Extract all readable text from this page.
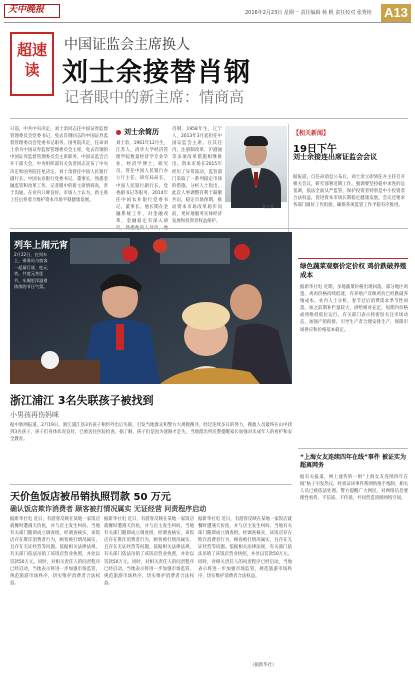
天中晚报	2016年2月23日 星期一 责任编辑 杨 帆 责任校对 张秀艳 A13
超速读
中国证监会主席换人
刘士余接替肖钢
记者眼中的新主席：情商高
日前，中共中央决定，刘士余同志任中国证券监督管理委员会党委书记，免去肖钢同志的中国证券监督管理委员会党委书记职务。国务院决定，任命刘士余为中国证券监督管理委员会主席，免去肖钢的中国证券监督管理委员会主席职务。中国证监会召开干部大会，中央组织部有关负责同志宣布了中央决定和国务院任免决定。刘士余曾任中国人民银行副行长、中国农业银行党委书记、董事长，熟悉金融监管和改革工作。记者眼中的新主席情商高，善于沟通，在业内口碑良好。市场人士认为，新主席上任后将着力维护资本市场平稳健康发展。
刘士余简历
刘士余，1961年12月生，江苏人，清华大学经济管理学院数量经济学专业毕业，经济学博士，研究员。曾任中国人民银行办公厅主任、研究局局长，中国人民银行副行长、党委副书记等职务。2014年任中国农业银行党委书记、董事长。他长期在金融系统工作，对金融改革、金融稳定有深入研
肖钢，1958年生，辽宁人，2013年3月起担任中国证监会主席。在其任内，注册制改革、沪港通等多项改革措施相继推出。资本市场在2015年经历了异常波动，监管部门采取了一系列稳定市场的措施。分析人士指出，此次人事调整有利于凝聚共识，稳定市场预期，推动资本市场改革稳步向前，更好地服务实体经济发展和投资者权益保护。
刘士余
【相关新闻】
19日下午
刘士余接连出席证监会会议
据报道，自任命消息公布后，刘士余立即到任并主持召开相关会议，研究部署近期工作，强调要坚持稳中求进的总基调，依法全面从严监管，保护投资者特别是中小投资者合法权益，促进资本市场长期稳定健康发展。会议还要求各部门做好工作衔接，确保各项监管工作平稳有序推进。
列车上闹元宵
2月22日，在列车上，乘务员与旅客一起猜灯谜、吃元宵，共度元宵佳节，车厢里洋溢着浓浓的节日气氛。
绿色蔬菜观察价定价权 鸡价跌破养殖成本
据新华社电 近期，多地蔬菜价格出现回落，部分地区鸡蛋、鸡肉价格持续低迷，有养殖户反映鸡价已经跌破养殖成本。业内人士分析，春节过后消费需求季节性回落，加之前期补栏量较大，供给相对充足，短期内价格或将维持低位运行。有关部门表示将密切关注市场动态，加强产销衔接，引导生产者合理安排生产，保障市场供应和价格基本稳定。
“上海女友连续四年在线”事件 被证实为超离网务
据有关报道，网上流传的一则“上海女友连续四年在线”帖子引发热议，经查证该事件系网络推手炮制，相关人员已被依法处理。警方提醒广大网民，对网络信息要理性看待，不信谣、不传谣，共同营造清朗网络空间。
浙江浦江 3名失联孩子被找到
小男孩再伤妈咪
据中新网报道，2月19日，浙江浦江县3名孩子相约外出后失联，引发当地群众和警方大规模搜寻。经过连续多日的努力，搜救人员最终在山中找到3名孩子，孩子们身体状况良好，已被送往医院检查。据了解，孩子们是因为迷路才走失，当地派出所民警提醒家长加强对未成年人的看护和安全教育。
天价鱼饭店被吊销执照罚款 50 万元
确认饭店欺诈消费者 顾客被打情况属实 无证经营 问责程序启动
据新华社电 近日，有游客反映在某地一家饭店就餐时遭遇天价鱼，并与店主发生纠纷。当地有关部门随即成立调查组，经调查核实，该饭店存在欺诈消费者行为，顾客被打情况属实，且存在无证经营等问题。依据相关法律法规，有关部门依法吊销了该饭店营业执照，并处以罚款50万元。同时，对相关责任人的问责程序已经启动，当地表示将进一步加强市场监管，规范旅游市场秩序，切实维护消费者合法权益。
据新华社电 近日，有游客反映在某地一家饭店就餐时遭遇天价鱼，并与店主发生纠纷。当地有关部门随即成立调查组，经调查核实，该饭店存在欺诈消费者行为，顾客被打情况属实，且存在无证经营等问题。依据相关法律法规，有关部门依法吊销了该饭店营业执照，并处以罚款50万元。同时，对相关责任人的问责程序已经启动，当地表示将进一步加强市场监管，规范旅游市场秩序，切实维护消费者合法权益。
据新华社电 近日，有游客反映在某地一家饭店就餐时遭遇天价鱼，并与店主发生纠纷。当地有关部门随即成立调查组，经调查核实，该饭店存在欺诈消费者行为，顾客被打情况属实，且存在无证经营等问题。依据相关法律法规，有关部门依法吊销了该饭店营业执照，并处以罚款50万元。同时，对相关责任人的问责程序已经启动，当地表示将进一步加强市场监管，规范旅游市场秩序，切实维护消费者合法权益。
（据新华社）
